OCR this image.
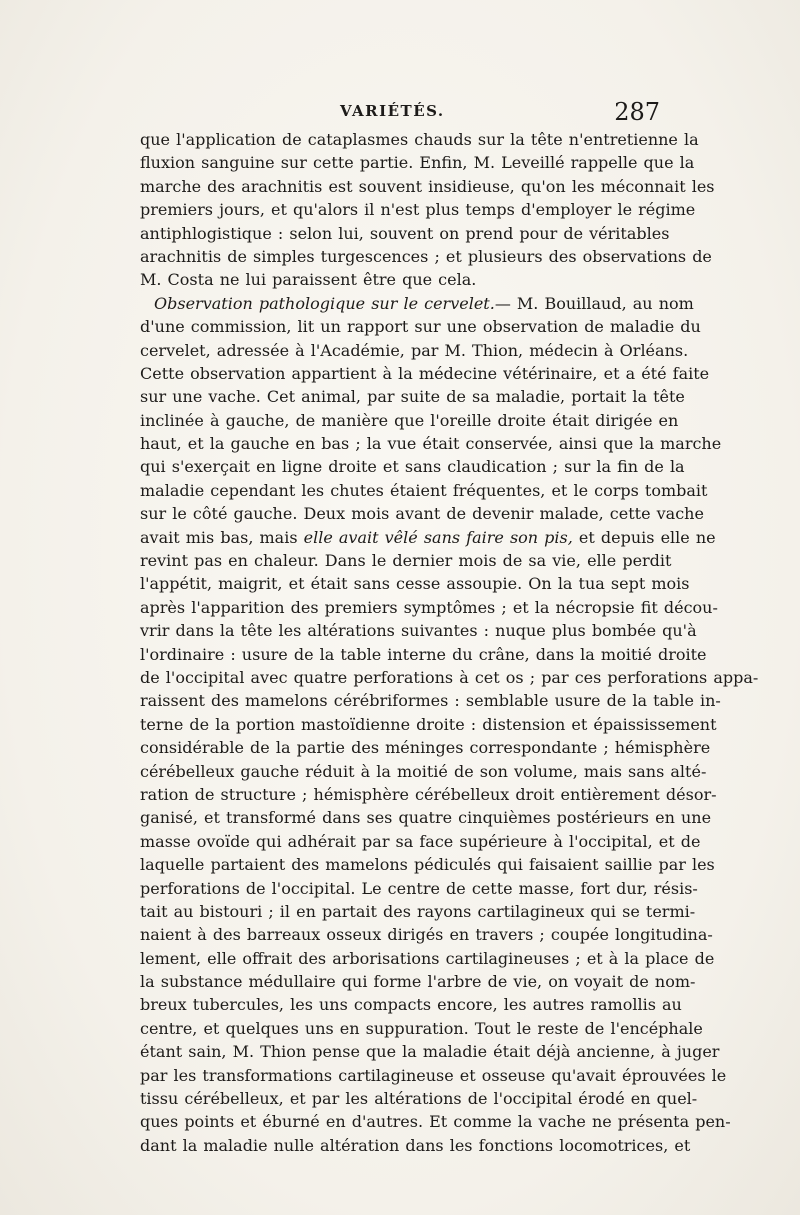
VARIÉTÉS.	287
que l'application de cataplasmes chauds sur la tête n'entretienne la
fluxion sanguine sur cette partie. Enfin, M. Leveillé rappelle que la
marche des arachnitis est souvent insidieuse, qu'on les méconnait les
premiers jours, et qu'alors il n'est plus temps d'employer le régime
antiphlogistique : selon lui, souvent on prend pour de véritables
arachnitis de simples turgescences ; et plusieurs des observations de
M. Costa ne lui paraissent être que cela.
Observation pathologique sur le cervelet.— M. Bouillaud, au nom
d'une commission, lit un rapport sur une observation de maladie du
cervelet, adressée à l'Académie, par M. Thion, médecin à Orléans.
Cette observation appartient à la médecine vétérinaire, et a été faite
sur une vache. Cet animal, par suite de sa maladie, portait la tête
inclinée à gauche, de manière que l'oreille droite était dirigée en
haut, et la gauche en bas ; la vue était conservée, ainsi que la marche
qui s'exerçait en ligne droite et sans claudication ; sur la fin de la
maladie cependant les chutes étaient fréquentes, et le corps tombait
sur le côté gauche. Deux mois avant de devenir malade, cette vache
avait mis bas, mais elle avait vêlé sans faire son pis, et depuis elle ne
revint pas en chaleur. Dans le dernier mois de sa vie, elle perdit
l'appétit, maigrit, et était sans cesse assoupie. On la tua sept mois
après l'apparition des premiers symptômes ; et la nécropsie fit décou-
vrir dans la tête les altérations suivantes : nuque plus bombée qu'à
l'ordinaire : usure de la table interne du crâne, dans la moitié droite
de l'occipital avec quatre perforations à cet os ; par ces perforations appa-
raissent des mamelons cérébriformes : semblable usure de la table in-
terne de la portion mastoïdienne droite : distension et épaississement
considérable de la partie des méninges correspondante ; hémisphère
cérébelleux gauche réduit à la moitié de son volume, mais sans alté-
ration de structure ; hémisphère cérébelleux droit entièrement désor-
ganisé, et transformé dans ses quatre cinquièmes postérieurs en une
masse ovoïde qui adhérait par sa face supérieure à l'occipital, et de
laquelle partaient des mamelons pédiculés qui faisaient saillie par les
perforations de l'occipital. Le centre de cette masse, fort dur, résis-
tait au bistouri ; il en partait des rayons cartilagineux qui se termi-
naient à des barreaux osseux dirigés en travers ; coupée longitudina-
lement, elle offrait des arborisations cartilagineuses ; et à la place de
la substance médullaire qui forme l'arbre de vie, on voyait de nom-
breux tubercules, les uns compacts encore, les autres ramollis au
centre, et quelques uns en suppuration. Tout le reste de l'encéphale
étant sain, M. Thion pense que la maladie était déjà ancienne, à juger
par les transformations cartilagineuse et osseuse qu'avait éprouvées le
tissu cérébelleux, et par les altérations de l'occipital érodé en quel-
ques points et éburné en d'autres. Et comme la vache ne présenta pen-
dant la maladie nulle altération dans les fonctions locomotrices, et
